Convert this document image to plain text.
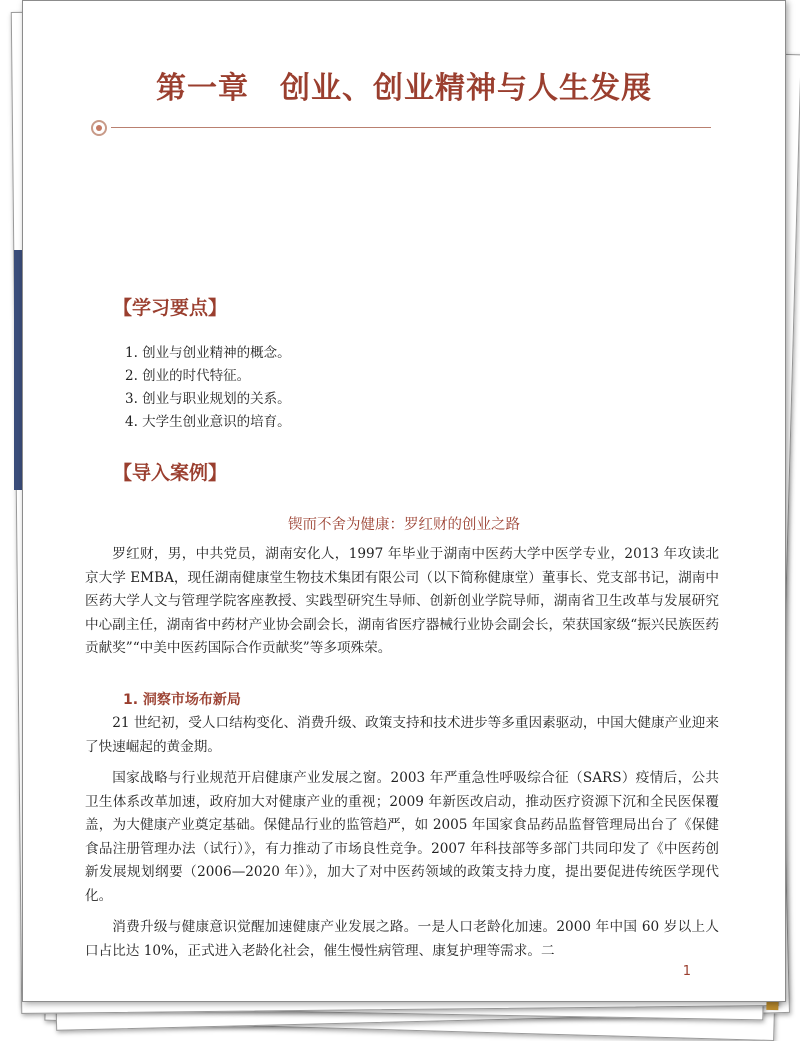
第一章　创业、创业精神与人生发展
【学习要点】
1. 创业与创业精神的概念。
2. 创业的时代特征。
3. 创业与职业规划的关系。
4. 大学生创业意识的培育。
【导入案例】
锲而不舍为健康：罗红财的创业之路

罗红财，男，中共党员，湖南安化人，1997 年毕业于湖南中医药大学中医学专业，2013 年攻读北京大学 EMBA，现任湖南健康堂生物技术集团有限公司（以下简称健康堂）董事长、党支部书记，湖南中医药大学人文与管理学院客座教授、实践型研究生导师、创新创业学院导师，湖南省卫生改革与发展研究中心副主任，湖南省中药材产业协会副会长，湖南省医疗器械行业协会副会长，荣获国家级“振兴民族医药贡献奖”“中美中医药国际合作贡献奖”等多项殊荣。

1. 洞察市场布新局

21 世纪初，受人口结构变化、消费升级、政策支持和技术进步等多重因素驱动，中国大健康产业迎来了快速崛起的黄金期。

国家战略与行业规范开启健康产业发展之窗。2003 年严重急性呼吸综合征（SARS）疫情后，公共卫生体系改革加速，政府加大对健康产业的重视；2009 年新医改启动，推动医疗资源下沉和全民医保覆盖，为大健康产业奠定基础。保健品行业的监管趋严，如 2005 年国家食品药品监督管理局出台了《保健食品注册管理办法（试行）》，有力推动了市场良性竞争。2007 年科技部等多部门共同印发了《中医药创新发展规划纲要（2006—2020 年）》，加大了对中医药领域的政策支持力度，提出要促进传统医学现代化。

消费升级与健康意识觉醒加速健康产业发展之路。一是人口老龄化加速。2000 年中国 60 岁以上人口占比达 10%，正式进入老龄化社会，催生慢性病管理、康复护理等需求。二

1
